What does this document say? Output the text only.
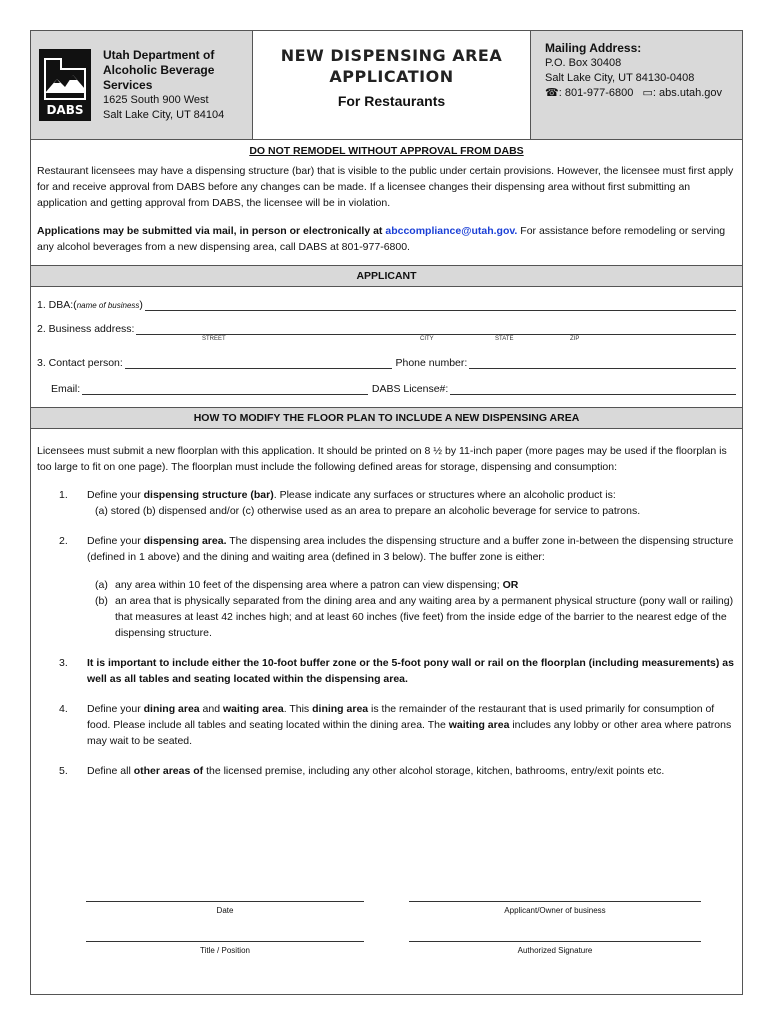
DABS
Utah Department of
Alcoholic Beverage Services
1625 South 900 West
Salt Lake City, UT 84104
NEW DISPENSING AREA
APPLICATION
For Restaurants
Mailing Address:
P.O. Box 30408
Salt Lake City, UT 84130-0408
☎: 801-977-6800 ▭: abs.utah.gov
DO NOT REMODEL WITHOUT APPROVAL FROM DABS

Restaurant licensees may have a dispensing structure (bar) that is visible to the public under certain provisions. However, the licensee must first apply for and receive approval from DABS before any changes can be made. If a licensee changes their dispensing area without first submitting an application and getting approval from DABS, the licensee will be in violation.

Applications may be submitted via mail, in person or electronically at abccompliance@utah.gov. For assistance before remodeling or serving any alcohol beverages from a new dispensing area, call DABS at 801-977-6800.

APPLICANT
1. DBA:(name of business)
2. Business address:
STREET	CITY	STATE	ZIP
3. Contact person:	Phone number:
Email:	DABS License#:
HOW TO MODIFY THE FLOOR PLAN TO INCLUDE A NEW DISPENSING AREA

Licensees must submit a new floorplan with this application. It should be printed on 8 ½ by 11-inch paper (more pages may be used if the floorplan is too large to fit on one page). The floorplan must include the following defined areas for storage, dispensing and consumption:

1.	Define your dispensing structure (bar). Please indicate any surfaces or structures where an alcoholic product is:
(a) stored (b) dispensed and/or (c) otherwise used as an area to prepare an alcoholic beverage for service to patrons.
2.	Define your dispensing area. The dispensing area includes the dispensing structure and a buffer zone in-between the dispensing structure (defined in 1 above) and the dining and waiting area (defined in 3 below). The buffer zone is either:
(a) any area within 10 feet of the dispensing area where a patron can view dispensing; OR
(b) an area that is physically separated from the dining area and any waiting area by a permanent physical structure (pony wall or railing) that measures at least 42 inches high; and at least 60 inches (five feet) from the inside edge of the barrier to the nearest edge of the dispensing structure.
3.	It is important to include either the 10-foot buffer zone or the 5-foot pony wall or rail on the floorplan (including measurements) as well as all tables and seating located within the dispensing area.
4.	Define your dining area and waiting area. This dining area is the remainder of the restaurant that is used primarily for consumption of food. Please include all tables and seating located within the dining area. The waiting area includes any lobby or other area where patrons may wait to be seated.
5.	Define all other areas of the licensed premise, including any other alcohol storage, kitchen, bathrooms, entry/exit points etc.
Date	Applicant/Owner of business
Title / Position	Authorized Signature
